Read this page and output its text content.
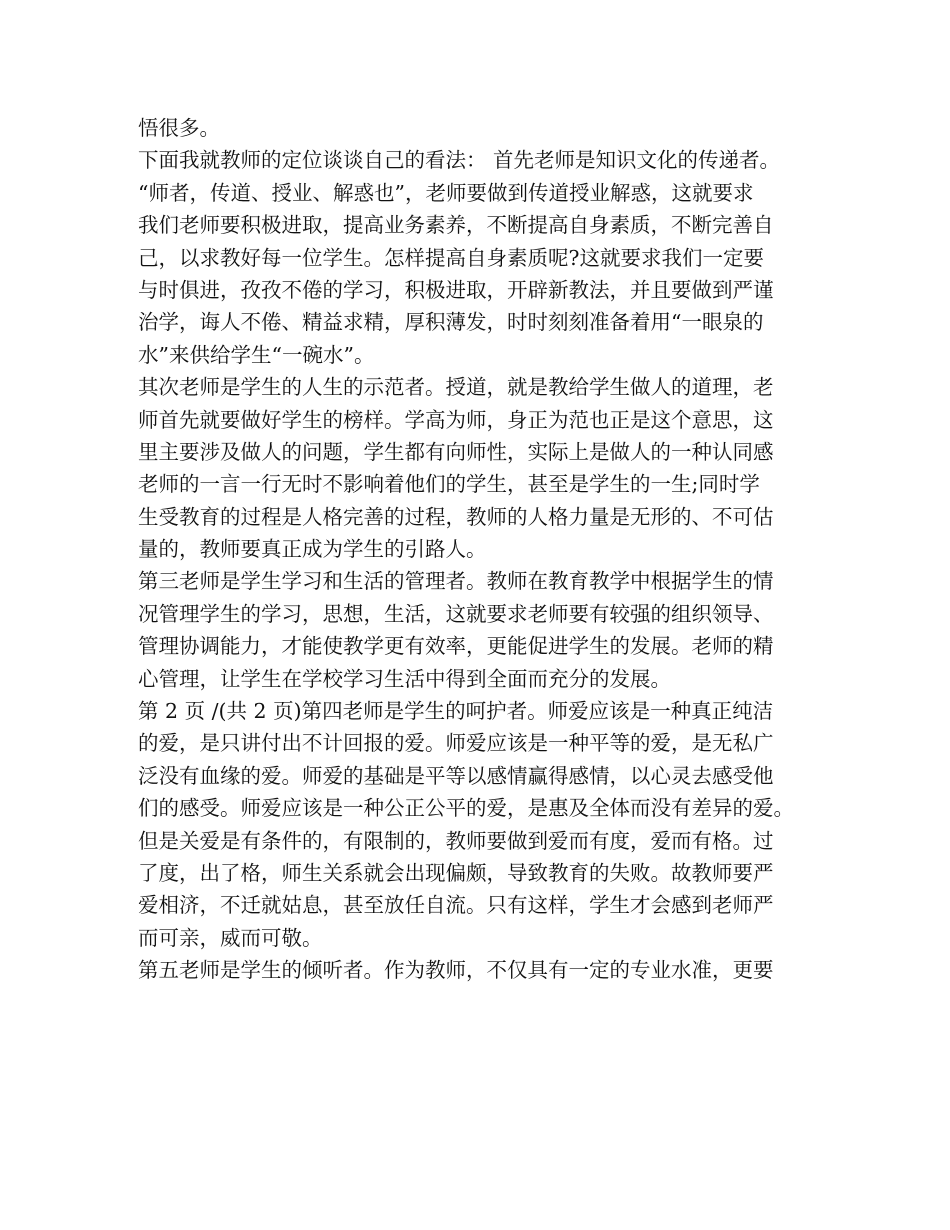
悟很多。
下面我就教师的定位谈谈自己的看法： 首先老师是知识文化的传递者。
“师者，传道、授业、解惑也”，老师要做到传道授业解惑，这就要求
我们老师要积极进取，提高业务素养，不断提高自身素质，不断完善自
己，以求教好每一位学生。怎样提高自身素质呢?这就要求我们一定要
与时俱进，孜孜不倦的学习，积极进取，开辟新教法，并且要做到严谨
治学，诲人不倦、精益求精，厚积薄发，时时刻刻准备着用“一眼泉的
水”来供给学生“一碗水”。
其次老师是学生的人生的示范者。授道，就是教给学生做人的道理，老
师首先就要做好学生的榜样。学高为师，身正为范也正是这个意思，这
里主要涉及做人的问题，学生都有向师性，实际上是做人的一种认同感
老师的一言一行无时不影响着他们的学生，甚至是学生的一生;同时学
生受教育的过程是人格完善的过程，教师的人格力量是无形的、不可估
量的，教师要真正成为学生的引路人。
第三老师是学生学习和生活的管理者。教师在教育教学中根据学生的情
况管理学生的学习，思想，生活，这就要求老师要有较强的组织领导、
管理协调能力，才能使教学更有效率，更能促进学生的发展。老师的精
心管理，让学生在学校学习生活中得到全面而充分的发展。
第 2 页 /(共 2 页)第四老师是学生的呵护者。师爱应该是一种真正纯洁
的爱，是只讲付出不计回报的爱。师爱应该是一种平等的爱，是无私广
泛没有血缘的爱。师爱的基础是平等以感情赢得感情，以心灵去感受他
们的感受。师爱应该是一种公正公平的爱，是惠及全体而没有差异的爱。
但是关爱是有条件的，有限制的，教师要做到爱而有度，爱而有格。过
了度，出了格，师生关系就会出现偏颇，导致教育的失败。故教师要严
爱相济，不迁就姑息，甚至放任自流。只有这样，学生才会感到老师严
而可亲，威而可敬。
第五老师是学生的倾听者。作为教师，不仅具有一定的专业水准，更要
